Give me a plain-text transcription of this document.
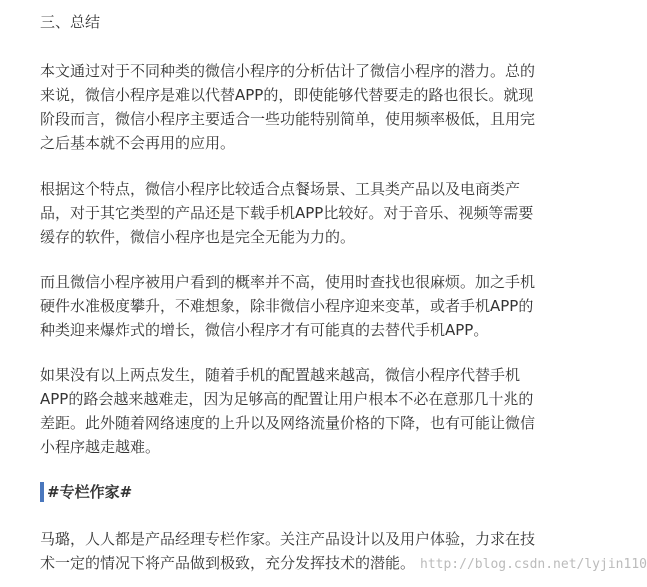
三、总结

本文通过对于不同种类的微信小程序的分析估计了微信小程序的潜力。总的
来说，微信小程序是难以代替APP的，即使能够代替要走的路也很长。就现
阶段而言，微信小程序主要适合一些功能特别简单，使用频率极低，且用完
之后基本就不会再用的应用。

根据这个特点，微信小程序比较适合点餐场景、工具类产品以及电商类产
品，对于其它类型的产品还是下载手机APP比较好。对于音乐、视频等需要
缓存的软件，微信小程序也是完全无能为力的。

而且微信小程序被用户看到的概率并不高，使用时查找也很麻烦。加之手机
硬件水准极度攀升，不难想象，除非微信小程序迎来变革，或者手机APP的
种类迎来爆炸式的增长，微信小程序才有可能真的去替代手机APP。

如果没有以上两点发生，随着手机的配置越来越高，微信小程序代替手机
APP的路会越来越难走，因为足够高的配置让用户根本不必在意那几十兆的
差距。此外随着网络速度的上升以及网络流量价格的下降，也有可能让微信
小程序越走越难。

#专栏作家#

马璐，人人都是产品经理专栏作家。关注产品设计以及用户体验，力求在技
术一定的情况下将产品做到极致，充分发挥技术的潜能。 http://blog.csdn.net/lyjin110
